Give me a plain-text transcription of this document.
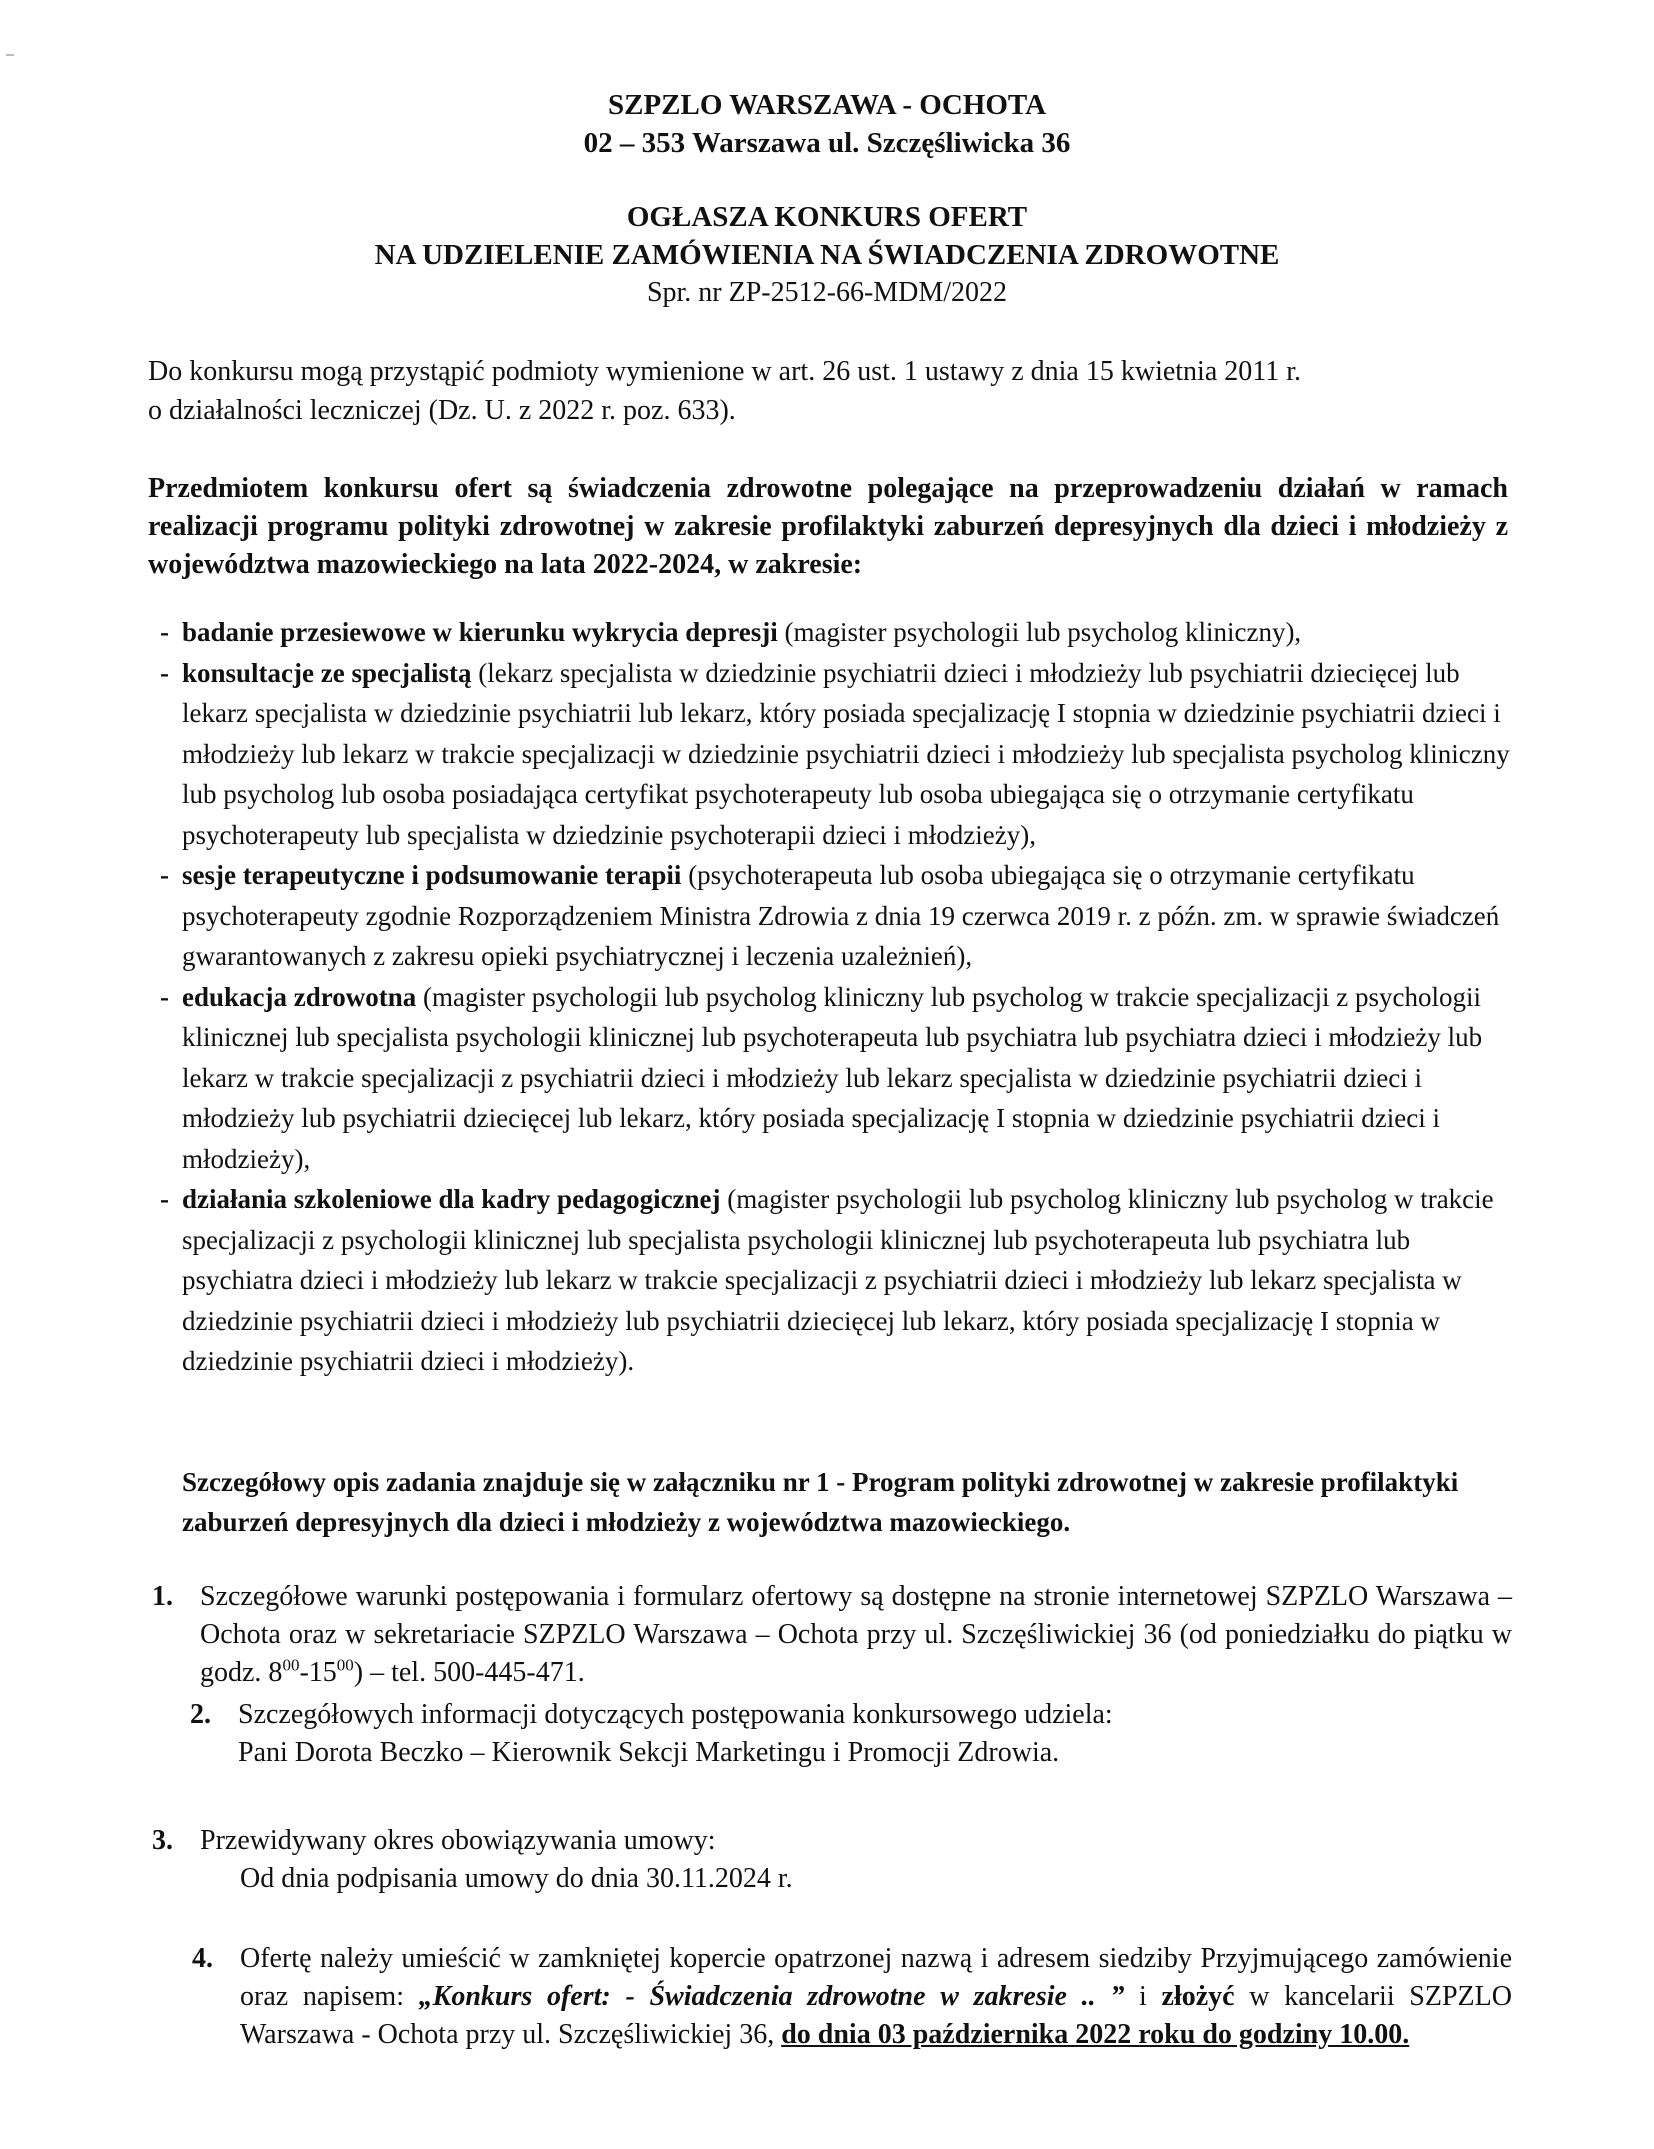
SZPZLO WARSZAWA - OCHOTA
02 – 353 Warszawa ul. Szczęśliwicka 36
OGŁASZA KONKURS OFERT
NA UDZIELENIE ZAMÓWIENIA NA ŚWIADCZENIA ZDROWOTNE
Spr. nr ZP-2512-66-MDM/2022
Do konkursu mogą przystąpić podmioty wymienione w art. 26 ust. 1 ustawy z dnia 15 kwietnia 2011 r.
o działalności leczniczej (Dz. U. z 2022 r. poz. 633).
Przedmiotem konkursu ofert są świadczenia zdrowotne polegające na przeprowadzeniu działań w ramach realizacji programu polityki zdrowotnej w zakresie profilaktyki zaburzeń depresyjnych dla dzieci i młodzieży z województwa mazowieckiego na lata 2022-2024, w zakresie:
- badanie przesiewowe w kierunku wykrycia depresji (magister psychologii lub psycholog kliniczny),
- konsultacje ze specjalistą (lekarz specjalista w dziedzinie psychiatrii dzieci i młodzieży lub psychiatrii dziecięcej lub lekarz specjalista w dziedzinie psychiatrii lub lekarz, który posiada specjalizację I stopnia w dziedzinie psychiatrii dzieci i młodzieży lub lekarz w trakcie specjalizacji w dziedzinie psychiatrii dzieci i młodzieży lub specjalista psycholog kliniczny lub psycholog lub osoba posiadająca certyfikat psychoterapeuty lub osoba ubiegająca się o otrzymanie certyfikatu psychoterapeuty lub specjalista w dziedzinie psychoterapii dzieci i młodzieży),
- sesje terapeutyczne i podsumowanie terapii (psychoterapeuta lub osoba ubiegająca się o otrzymanie certyfikatu psychoterapeuty zgodnie Rozporządzeniem Ministra Zdrowia z dnia 19 czerwca 2019 r. z późn. zm. w sprawie świadczeń gwarantowanych z zakresu opieki psychiatrycznej i leczenia uzależnień),
- edukacja zdrowotna (magister psychologii lub psycholog kliniczny lub psycholog w trakcie specjalizacji z psychologii klinicznej lub specjalista psychologii klinicznej lub psychoterapeuta lub psychiatra lub psychiatra dzieci i młodzieży lub lekarz w trakcie specjalizacji z psychiatrii dzieci i młodzieży lub lekarz specjalista w dziedzinie psychiatrii dzieci i młodzieży lub psychiatrii dziecięcej lub lekarz, który posiada specjalizację I stopnia w dziedzinie psychiatrii dzieci i młodzieży),
- działania szkoleniowe dla kadry pedagogicznej (magister psychologii lub psycholog kliniczny lub psycholog w trakcie specjalizacji z psychologii klinicznej lub specjalista psychologii klinicznej lub psychoterapeuta lub psychiatra lub psychiatra dzieci i młodzieży lub lekarz w trakcie specjalizacji z psychiatrii dzieci i młodzieży lub lekarz specjalista w dziedzinie psychiatrii dzieci i młodzieży lub psychiatrii dziecięcej lub lekarz, który posiada specjalizację I stopnia w dziedzinie psychiatrii dzieci i młodzieży).
Szczegółowy opis zadania znajduje się w załączniku nr 1 - Program polityki zdrowotnej w zakresie profilaktyki zaburzeń depresyjnych dla dzieci i młodzieży z województwa mazowieckiego.
1. Szczegółowe warunki postępowania i formularz ofertowy są dostępne na stronie internetowej SZPZLO Warszawa – Ochota oraz w sekretariacie SZPZLO Warszawa – Ochota przy ul. Szczęśliwickiej 36 (od poniedziałku do piątku w godz. $8^{00}-15^{00}$) – tel. 500-445-471.
2. Szczegółowych informacji dotyczących postępowania konkursowego udziela:
Pani Dorota Beczko – Kierownik Sekcji Marketingu i Promocji Zdrowia.
3. Przewidywany okres obowiązywania umowy:
Od dnia podpisania umowy do dnia 30.11.2024 r.
4. Ofertę należy umieścić w zamkniętej kopercie opatrzonej nazwą i adresem siedziby Przyjmującego zamówienie oraz napisem: „Konkurs ofert: - Świadczenia zdrowotne w zakresie .. ” i złożyć w kancelarii SZPZLO Warszawa - Ochota przy ul. Szczęśliwickiej 36, do dnia 03 października 2022 roku do godziny 10.00.
